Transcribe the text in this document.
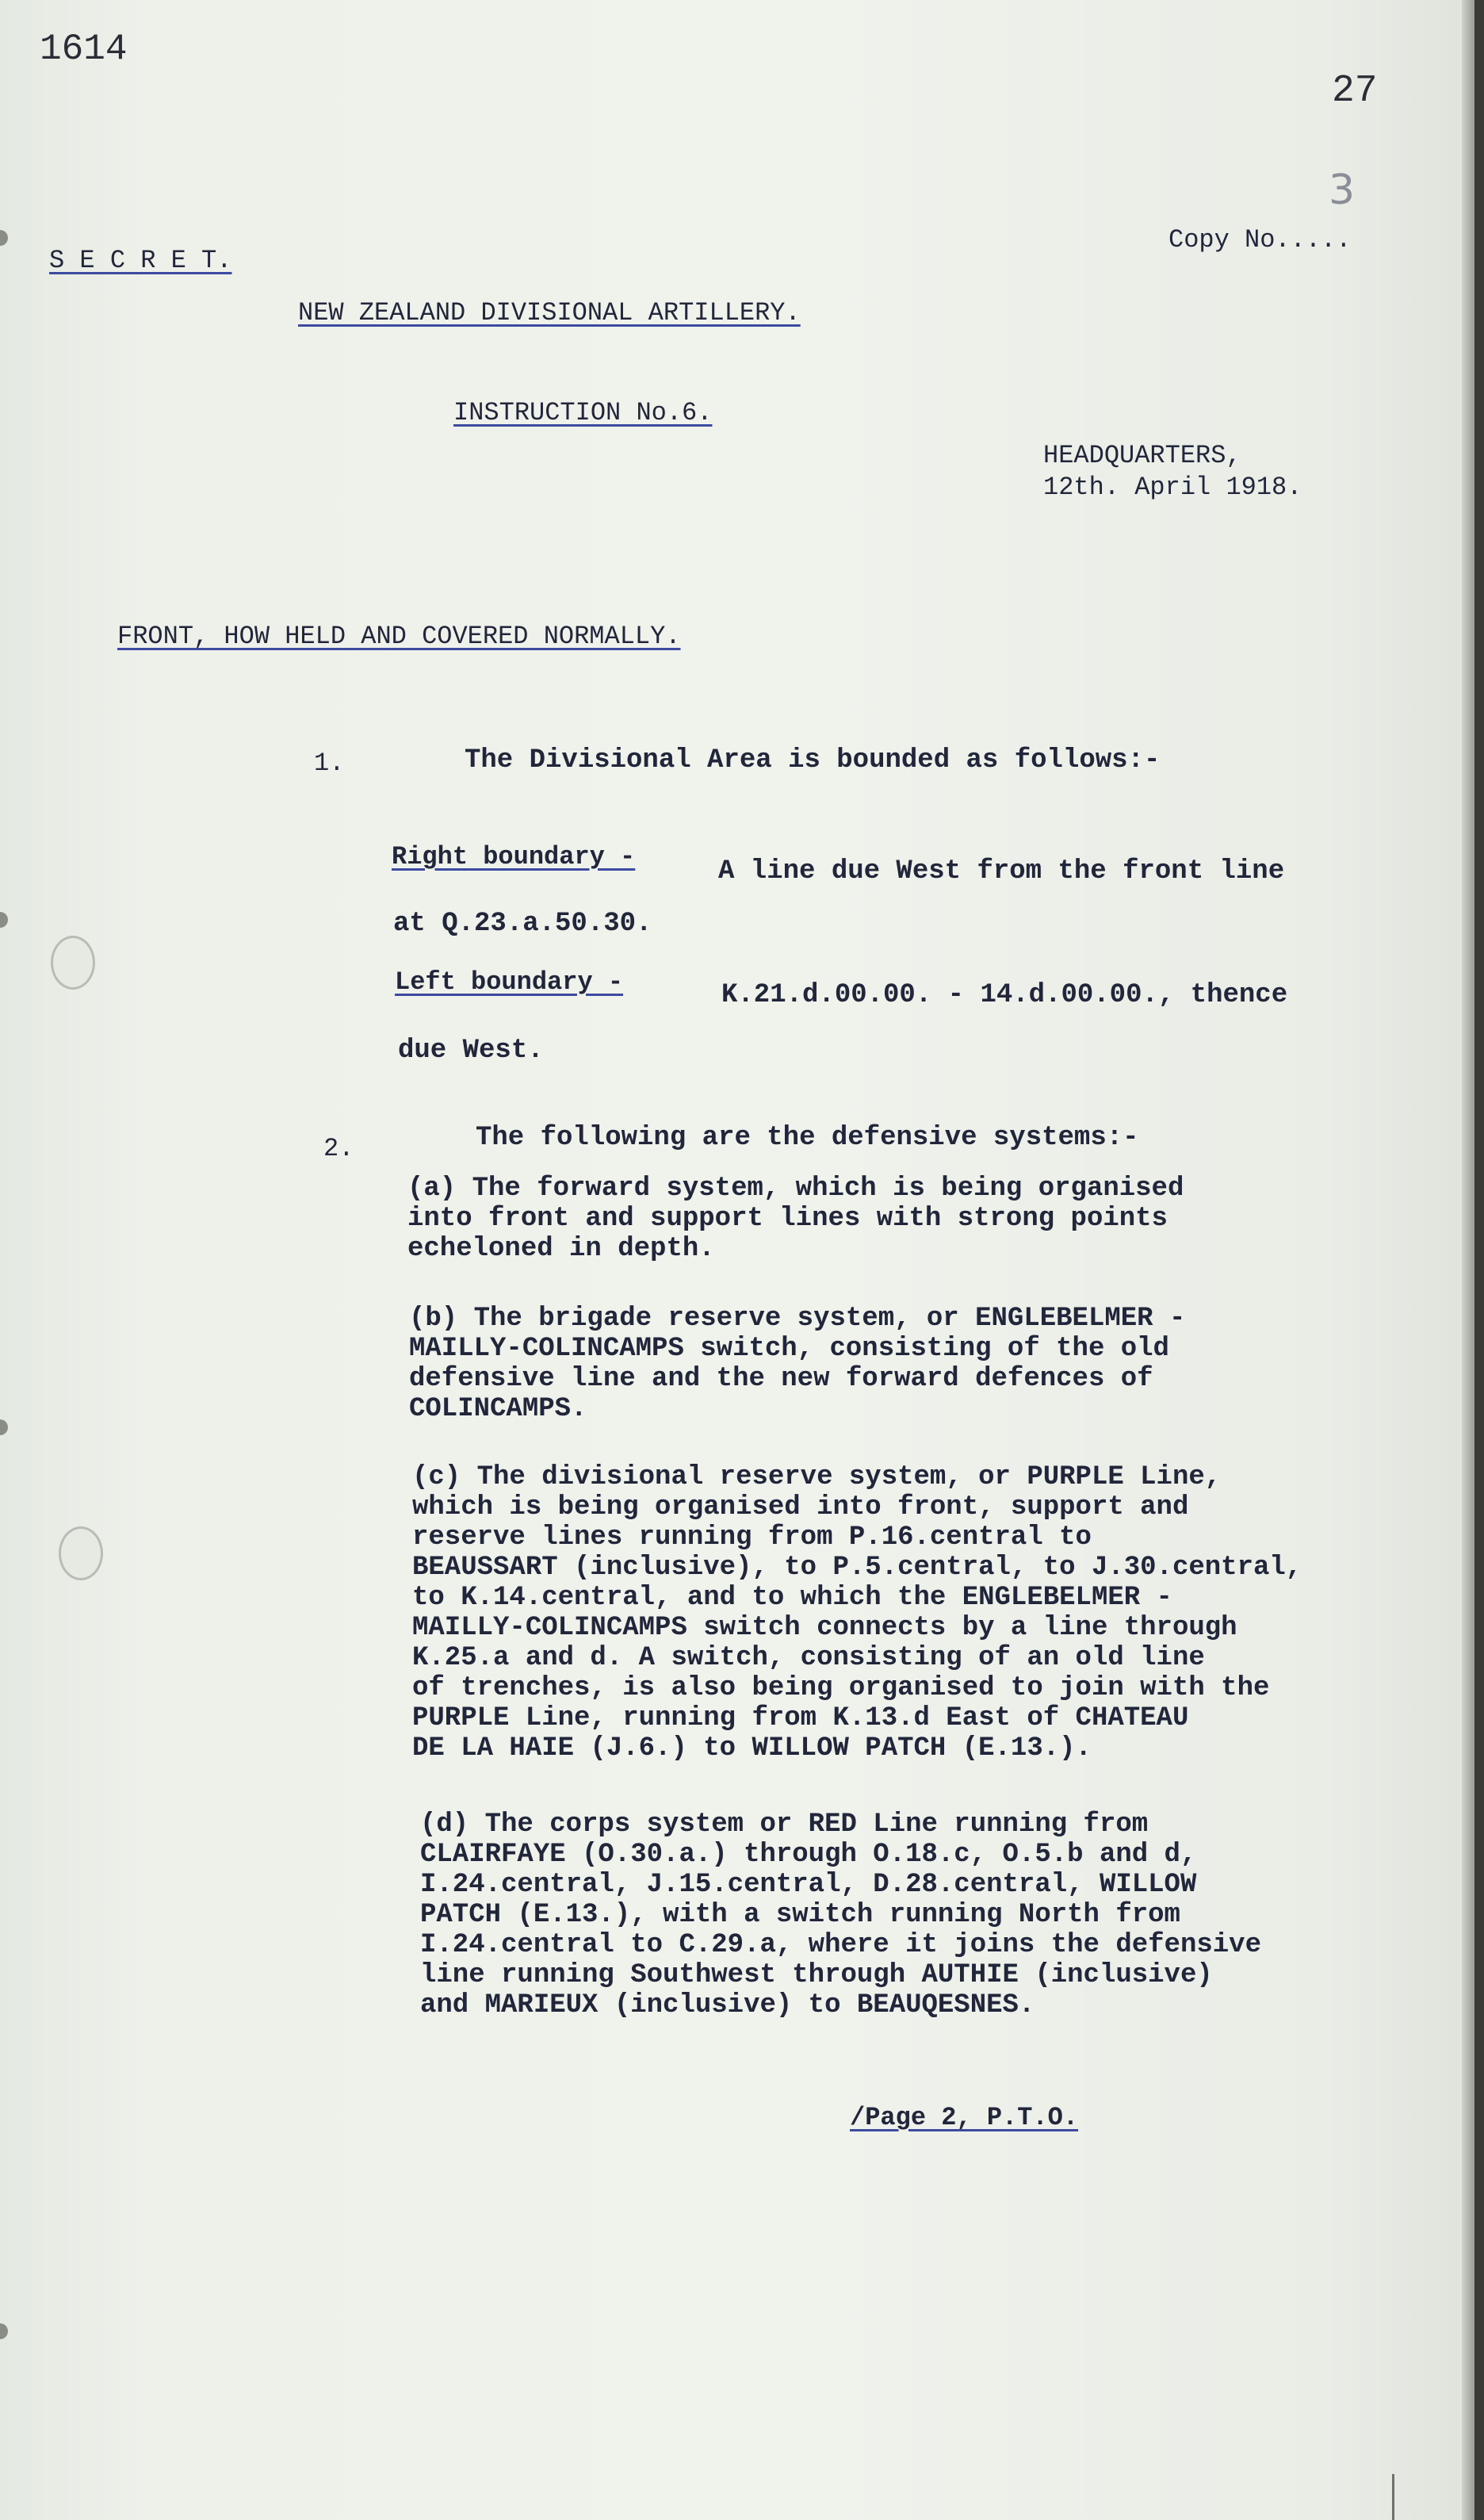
1614
27
3
Copy No.....
S E C R E T.
NEW ZEALAND DIVISIONAL ARTILLERY.
INSTRUCTION No.6.
HEADQUARTERS,
12th. April 1918.
FRONT, HOW HELD AND COVERED NORMALLY.
1.	The Divisional Area is bounded as follows:-
Right boundary -	A line due West from the front line
at Q.23.a.50.30.
Left boundary -	K.21.d.00.00. - 14.d.00.00., thence
due West.
2.	The following are the defensive systems:-
(a) The forward system, which is being organised
into front and support lines with strong points
echeloned in depth.
(b) The brigade reserve system, or ENGLEBELMER -
MAILLY-COLINCAMPS switch, consisting of the old
defensive line and the new forward defences of
COLINCAMPS.
(c) The divisional reserve system, or PURPLE Line,
which is being organised into front, support and
reserve lines running from P.16.central to
BEAUSSART (inclusive), to P.5.central, to J.30.central,
to K.14.central, and to which the ENGLEBELMER -
MAILLY-COLINCAMPS switch connects by a line through
K.25.a and d. A switch, consisting of an old line
of trenches, is also being organised to join with the
PURPLE Line, running from K.13.d East of CHATEAU
DE LA HAIE (J.6.) to WILLOW PATCH (E.13.).
(d) The corps system or RED Line running from
CLAIRFAYE (O.30.a.) through O.18.c, O.5.b and d,
I.24.central, J.15.central, D.28.central, WILLOW
PATCH (E.13.), with a switch running North from
I.24.central to C.29.a, where it joins the defensive
line running Southwest through AUTHIE (inclusive)
and MARIEUX (inclusive) to BEAUQESNES.
/Page 2, P.T.O.
